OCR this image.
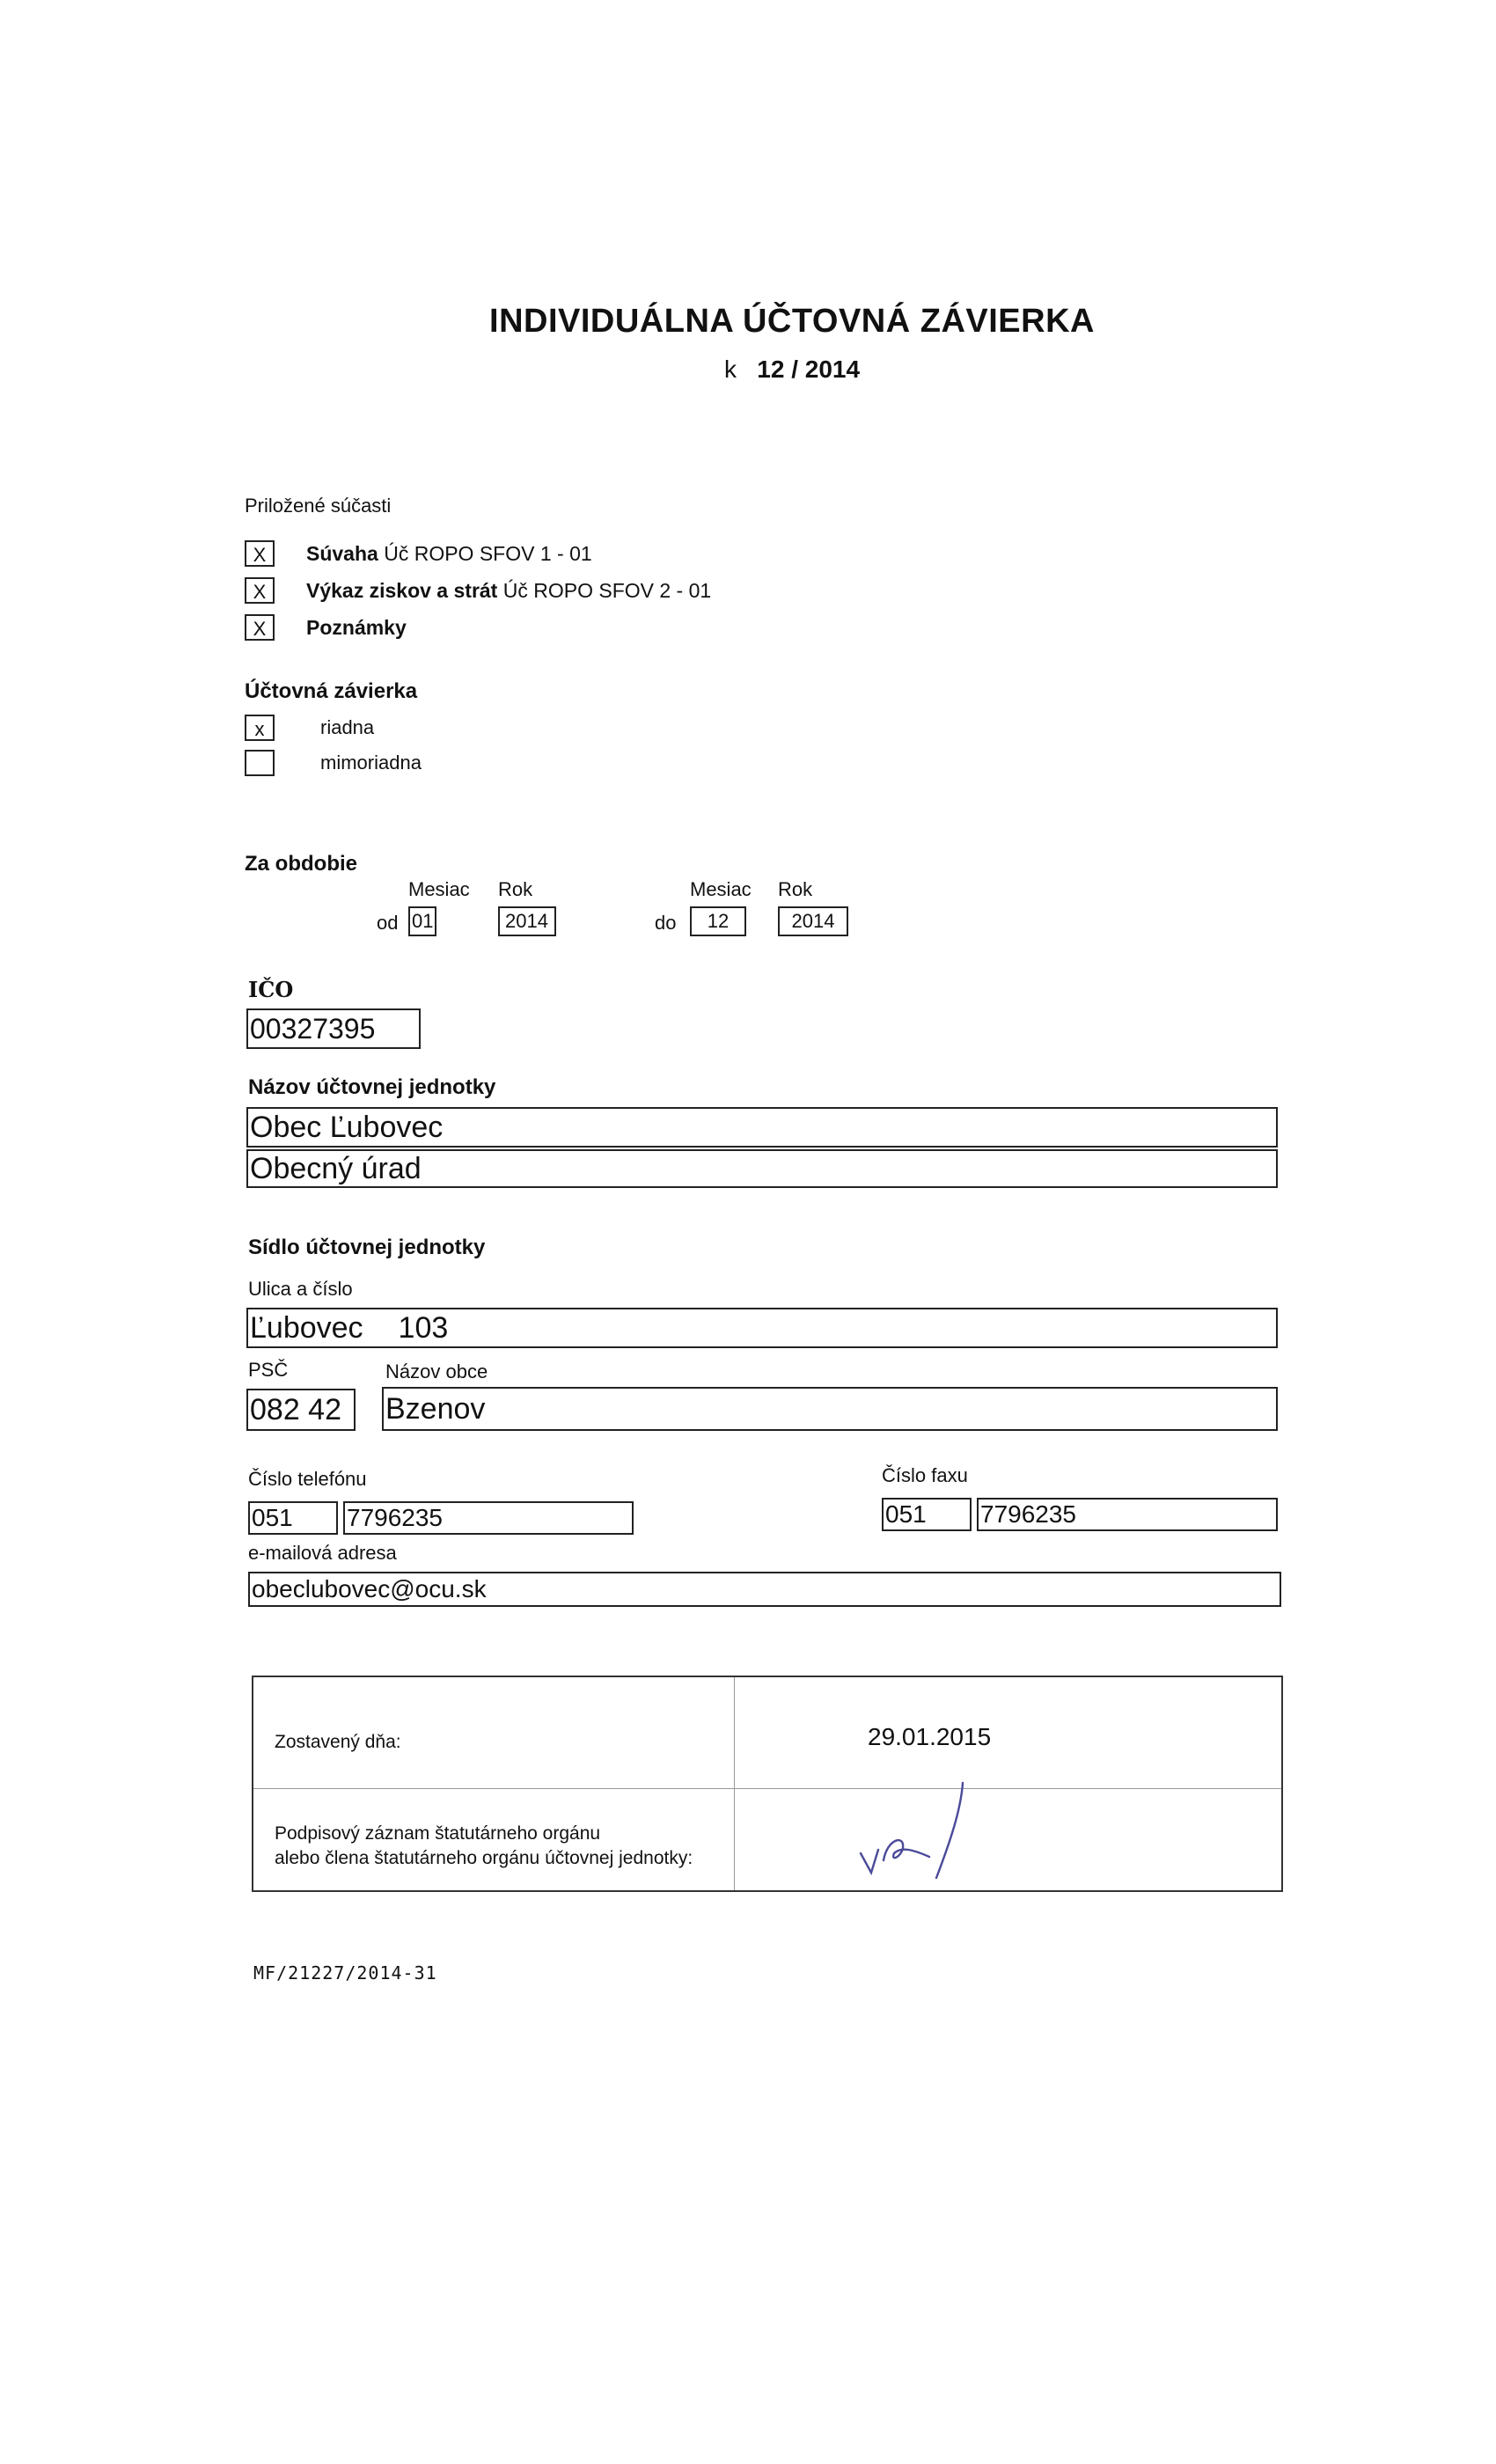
INDIVIDUÁLNA ÚČTOVNÁ ZÁVIERKA
k 12 / 2014
Priložené súčasti
X	Súvaha Úč ROPO SFOV 1 - 01
X	Výkaz ziskov a strát Úč ROPO SFOV 2 - 01
X	Poznámky
Účtovná závierka
x	riadna
mimoriadna
Za obdobie
Mesiac Rok	Mesiac Rok
od 01	2014	do	12	2014
IČO
00327395
Názov účtovnej jednotky
Obec Ľubovec
Obecný úrad
Sídlo účtovnej jednotky
Ulica a číslo
Ľubovec 103
PSČ	Názov obce
082 42	Bzenov
Číslo telefónu	Číslo faxu
051	7796235	051	7796235
e-mailová adresa
obeclubovec@ocu.sk
Zostavený dňa:	29.01.2015
Podpisový záznam štatutárneho orgánu
alebo člena štatutárneho orgánu účtovnej jednotky:
MF/21227/2014-31
